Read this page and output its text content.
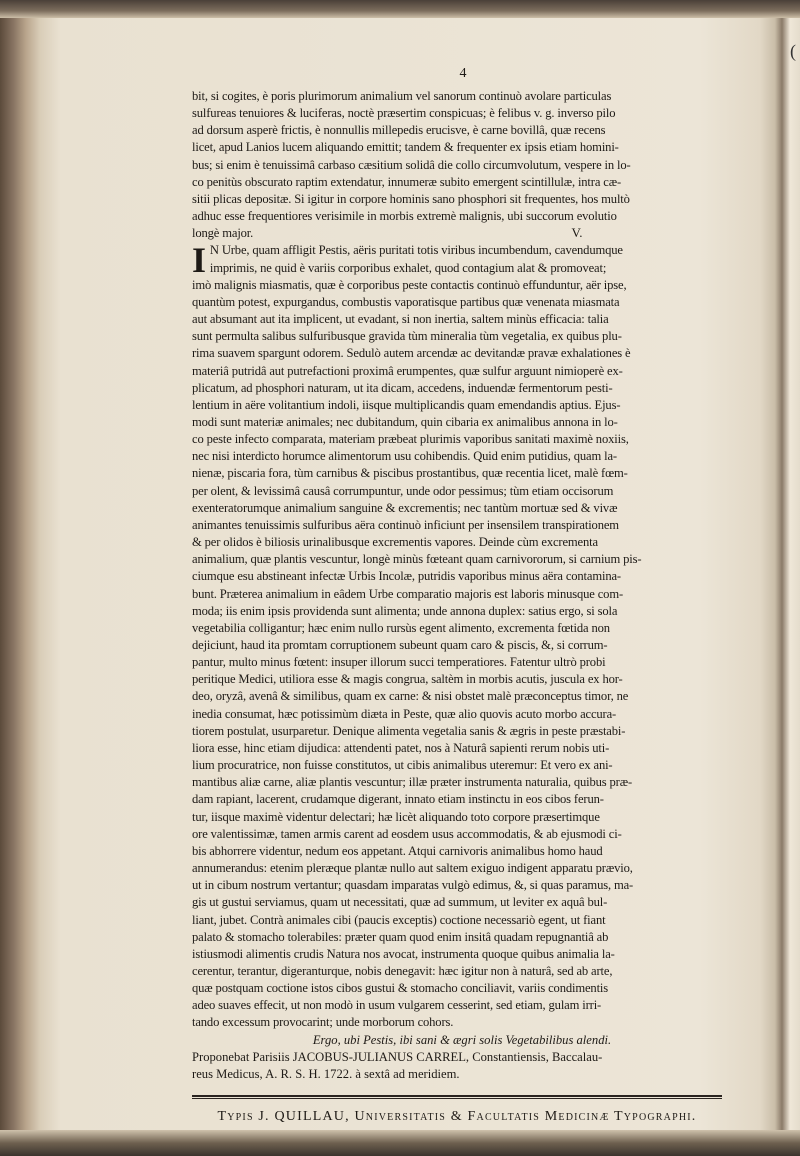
(
4
bit, si cogites, è poris plurimorum animalium vel sanorum continuò avolare particulas
sulfureas tenuiores & luciferas, noctè præsertim conspicuas; è felibus v. g. inverso pilo
ad dorsum asperè frictis, è nonnullis millepedis erucisve, è carne bovillâ, quæ recens
licet, apud Lanios lucem aliquando emittit; tandem & frequenter ex ipsis etiam homini-
bus; si enim è tenuissimâ carbaso cæsitium solidâ die collo circumvolutum, vespere in lo-
co penitùs obscuratо raptim extendatur, innumeræ subito emergent scintillulæ, intra cæ-
sitii plicas depositæ. Si igitur in corpore hominis sano phosphori sit frequentes, hos multò
adhuc esse frequentiores verisimile in morbis extremè malignis, ubi succorum evolutio
longè major.	V.
I N Urbe, quam affligit Pestis, aëris puritati totis viribus incumbendum, cavendumque
imprimis, ne quid è variis corporibus exhalet, quod contagium alat & promoveat;
imò malignis miasmatis, quæ è corporibus peste contactis continuò effunduntur, aër ipse,
quantùm potest, expurgandus, combustis vaporatisque partibus quæ venenata miasmata
aut absumant aut ita implicent, ut evadant, si non inertia, saltem minùs efficacia: talia
sunt permulta salibus sulfuribusque gravida tùm mineralia tùm vegetalia, ex quibus plu-
rima suavem spargunt odorem. Sedulò autem arcendæ ac devitandæ pravæ exhalationes è
materiâ putridâ aut putrefactioni proximâ erumpentes, quæ sulfur arguunt nimioperè ex-
plicatum, ad phosphori naturam, ut ita dicam, accedens, induendæ fermentorum pesti-
lentium in aëre volitantium indoli, iisque multiplicandis quam emendandis aptius. Ejus-
modi sunt materiæ animales; nec dubitandum, quin cibaria ex animalibus annona in lo-
co peste infecto comparata, materiam præbeat plurimis vaporibus sanitati maximè noxiis,
nec nisi interdicto horumce alimentorum usu cohibendis. Quid enim putidius, quam la-
nienæ, piscaria fora, tùm carnibus & piscibus prostantibus, quæ recentia licet, malè fœm-
per olent, & levissimâ causâ corrumpuntur, unde odor pessimus; tùm etiam occisorum
exenteratorumque animalium sanguine & excrementis; nec tantùm mortuæ sed & vivæ
animantes tenuissimis sulfuribus aëra continuò inficiunt per insensilem transpirationem
& per olidos è biliosis urinalibusque excrementis vapores. Deinde cùm excrementa
animalium, quæ plantis vescuntur, longè minùs fœteant quam carnivororum, si carnium pis-
ciumque esu abstineant infectæ Urbis Incolæ, putridis vaporibus minus aëra contamina-
bunt. Præterea animalium in eâdem Urbe comparatio majoris est laboris minusque com-
moda; iis enim ipsis providenda sunt alimenta; unde annona duplex: satius ergo, si sola
vegetabilia colligantur; hæc enim nullo rursùs egent alimento, excrementa fœtida non
dejiciunt, haud ita promtam corruptionem subeunt quam caro & piscis, &, si corrum-
pantur, multo minus fœtent: insuper illorum succi temperatiores. Fatentur ultrò probi
peritique Medici, utiliora esse & magis congrua, saltèm in morbis acutis, jusculа ex hor-
deo, oryzâ, avenâ & similibus, quam ex carne: & nisi obstet malè præconceptus timor, ne
inedia consumat, hæc potissimùm diæta in Peste, quæ alio quovis acuto morbo accura-
tiorem postulat, usurparetur. Denique alimenta vegetalia sanis & ægris in peste præstabi-
liora esse, hinc etiam dijudica: attendenti patet, nos à Naturâ sapienti rerum nobis uti-
lium procuratrice, non fuisse constitutos, ut cibis animalibus uteremur: Et vero ex ani-
mantibus aliæ carne, aliæ plantis vescuntur; illæ præter instrumenta naturalia, quibus præ-
dam rapiant, lacerent, crudamque digerant, innato etiam instinctu in eos cibos ferun-
tur, iisque maximè videntur delectari; hæ licèt aliquando toto corpore præsertimque
ore valentissimæ, tamen armis carent ad eosdem usus accommodatis, & ab ejusmodi ci-
bis abhorrere videntur, nedum eos appetant. Atqui carnivoris animalibus homo haud
annumerandus: etenim pleræque plantæ nullo aut saltem exiguo indigent apparatu prævio,
ut in cibum nostrum vertantur; quasdam imparatas vulgò edimus, &, si quas paramus, ma-
gis ut gustui serviamus, quam ut necessitati, quæ ad summum, ut leviter ex aquâ bul-
liant, jubet. Contrà animales cibi (paucis exceptis) coctione necessariò egent, ut fiant
palato & stomacho tolerabiles: præter quam quod enim insitâ quadam repugnantiâ ab
istiusmodi alimentis crudis Natura nos avocat, instrumenta quoque quibus animalia la-
cerentur, terantur, digeranturque, nobis denegavit: hæc igitur non à naturâ, sed ab arte,
quæ postquam coctione istos cibos gustui & stomacho conciliavit, variis condimentis
adeo suaves effecit, ut non modò in usum vulgarem cesserint, sed etiam, gulam irri-
tando excessum provocarint; unde morborum cohors.

Ergo, ubi Pestis, ibi sani & ægri solis Vegetabilibus alendi.

Proponebat Parisiis JACOBUS-JULIANUS CARREL, Constantiensis, Baccalau-
reus Medicus, A. R. S. H. 1722. à sextâ ad meridiem.
Typis J. QUILLAU, Universitatis & Facultatis Medicinæ Typographi.
